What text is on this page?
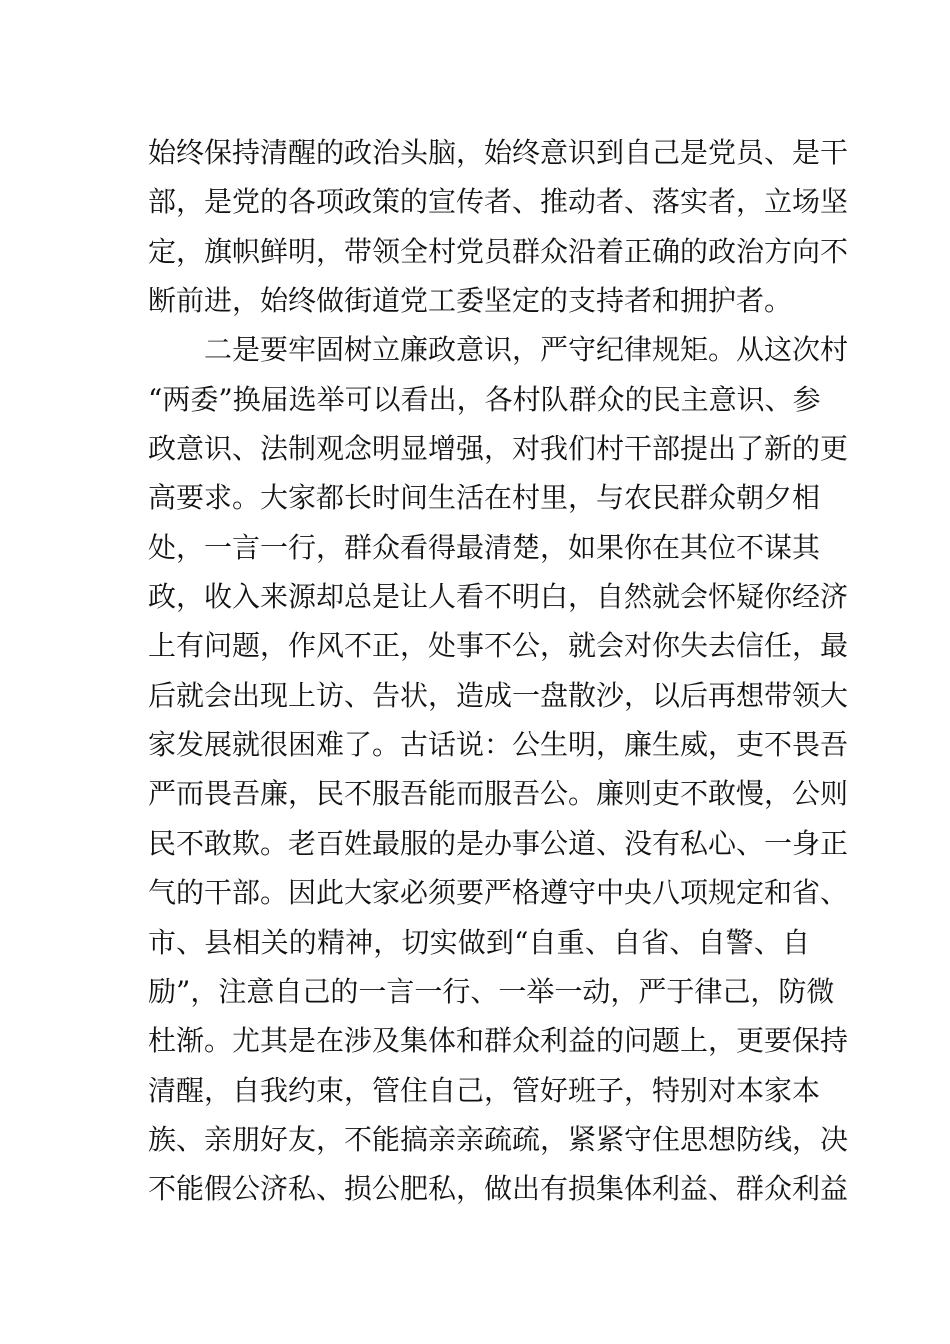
始终保持清醒的政治头脑，始终意识到自己是党员、是干
部，是党的各项政策的宣传者、推动者、落实者，立场坚
定，旗帜鲜明，带领全村党员群众沿着正确的政治方向不
断前进，始终做街道党工委坚定的支持者和拥护者。
　　二是要牢固树立廉政意识，严守纪律规矩。从这次村
“两委”换届选举可以看出，各村队群众的民主意识、参
政意识、法制观念明显增强，对我们村干部提出了新的更
高要求。大家都长时间生活在村里，与农民群众朝夕相
处，一言一行，群众看得最清楚，如果你在其位不谋其
政，收入来源却总是让人看不明白，自然就会怀疑你经济
上有问题，作风不正，处事不公，就会对你失去信任，最
后就会出现上访、告状，造成一盘散沙，以后再想带领大
家发展就很困难了。古话说：公生明，廉生威，吏不畏吾
严而畏吾廉，民不服吾能而服吾公。廉则吏不敢慢，公则
民不敢欺。老百姓最服的是办事公道、没有私心、一身正
气的干部。因此大家必须要严格遵守中央八项规定和省、
市、县相关的精神，切实做到“自重、自省、自警、自
励”，注意自己的一言一行、一举一动，严于律己，防微
杜渐。尤其是在涉及集体和群众利益的问题上，更要保持
清醒，自我约束，管住自己，管好班子，特别对本家本
族、亲朋好友，不能搞亲亲疏疏，紧紧守住思想防线，决
不能假公济私、损公肥私，做出有损集体利益、群众利益
